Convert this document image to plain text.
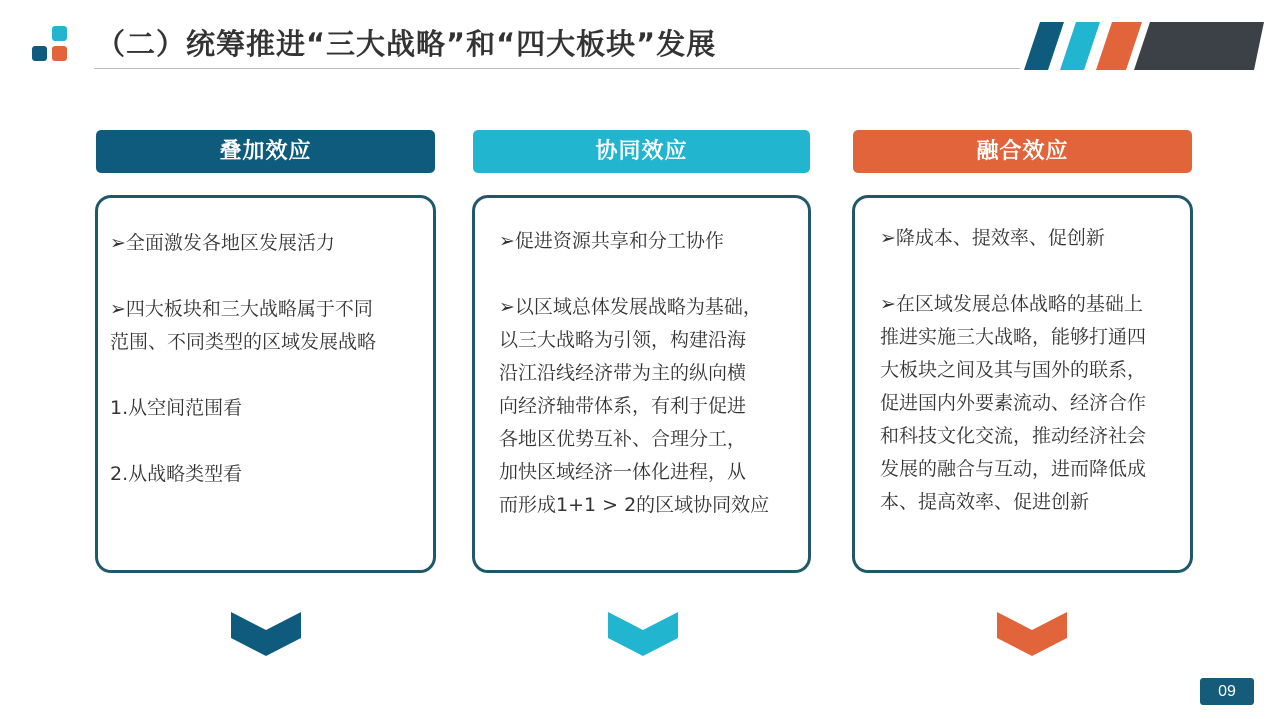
（二）统筹推进“三大战略”和“四大板块”发展
叠加效应

➢全面激发各地区发展活力

➢四大板块和三大战略属于不同

范围、不同类型的区域发展战略

1.从空间范围看

2.从战略类型看

协同效应

➢促进资源共享和分工协作

➢以区域总体发展战略为基础，

以三大战略为引领，构建沿海

沿江沿线经济带为主的纵向横

向经济轴带体系，有利于促进

各地区优势互补、合理分工，

加快区域经济一体化进程，从

而形成1+1 > 2的区域协同效应

融合效应

➢降成本、提效率、促创新

➢在区域发展总体战略的基础上

推进实施三大战略，能够打通四

大板块之间及其与国外的联系，

促进国内外要素流动、经济合作

和科技文化交流，推动经济社会

发展的融合与互动，进而降低成

本、提高效率、促进创新

09
